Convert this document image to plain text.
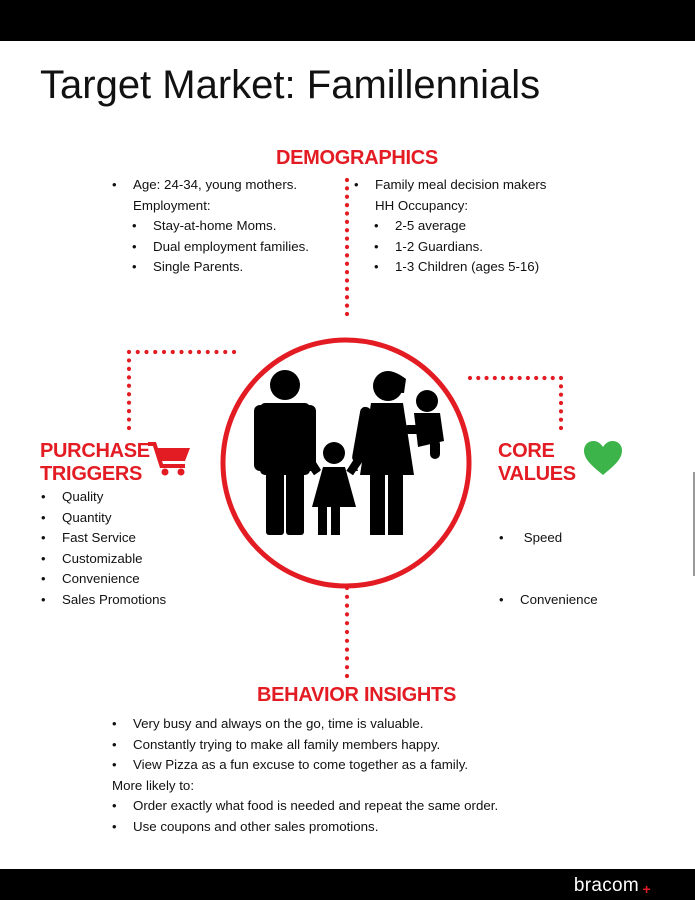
Target Market: Famillennials
DEMOGRAPHICS
• Age: 24-34, young mothers.
Employment:
• Stay-at-home Moms.
• Dual employment families.
• Single Parents.
• Family meal decision makers
HH Occupancy:
• 2-5 average
• 1-2 Guardians.
• 1-3 Children (ages 5-16)
PURCHASE
TRIGGERS
• Quality
• Quantity
• Fast Service
• Customizable
• Convenience
• Sales Promotions
CORE
VALUES

•  Speed

• Convenience

BEHAVIOR INSIGHTS
• Very busy and always on the go, time is valuable.
• Constantly trying to make all family members happy.
• View Pizza as a fun excuse to come together as a family.
More likely to:
• Order exactly what food is needed and repeat the same order.
• Use coupons and other sales promotions.
bracom +
